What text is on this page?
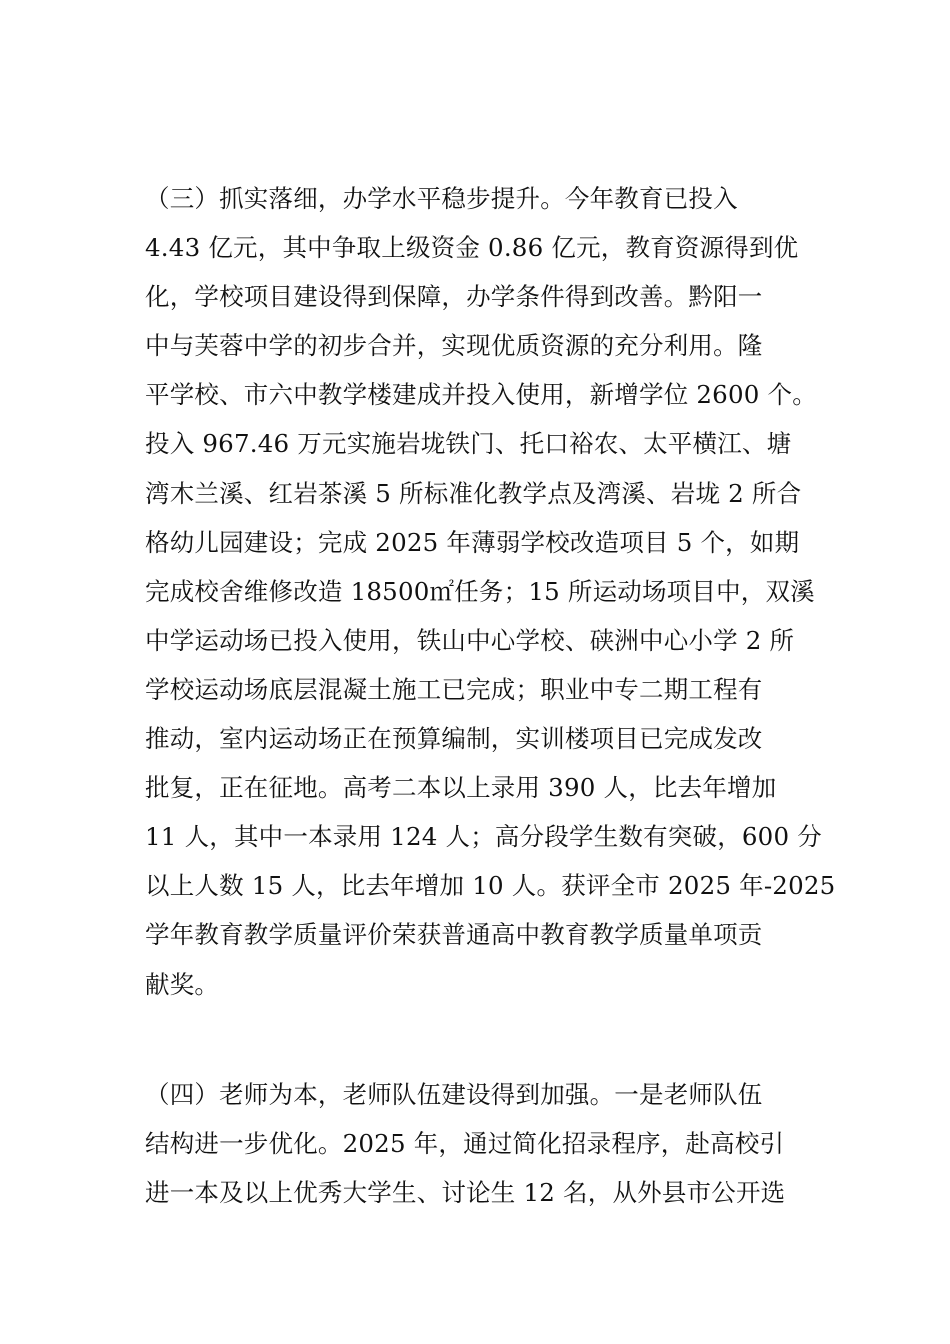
（三）抓实落细，办学水平稳步提升。今年教育已投入
4.43 亿元，其中争取上级资金 0.86 亿元，教育资源得到优
化，学校项目建设得到保障，办学条件得到改善。黔阳一
中与芙蓉中学的初步合并，实现优质资源的充分利用。隆
平学校、市六中教学楼建成并投入使用，新增学位 2600 个。
投入 967.46 万元实施岩垅铁门、托口裕农、太平横江、塘
湾木兰溪、红岩茶溪 5 所标准化教学点及湾溪、岩垅 2 所合
格幼儿园建设；完成 2025 年薄弱学校改造项目 5 个，如期
完成校舍维修改造 18500㎡任务；15 所运动场项目中，双溪
中学运动场已投入使用，铁山中心学校、硖洲中心小学 2 所
学校运动场底层混凝土施工已完成；职业中专二期工程有
推动，室内运动场正在预算编制，实训楼项目已完成发改
批复，正在征地。高考二本以上录用 390 人，比去年增加
11 人，其中一本录用 124 人；高分段学生数有突破，600 分
以上人数 15 人，比去年增加 10 人。获评全市 2025 年-2025
学年教育教学质量评价荣获普通高中教育教学质量单项贡
献奖。

（四）老师为本，老师队伍建设得到加强。一是老师队伍
结构进一步优化。2025 年，通过简化招录程序，赴高校引
进一本及以上优秀大学生、讨论生 12 名，从外县市公开选
